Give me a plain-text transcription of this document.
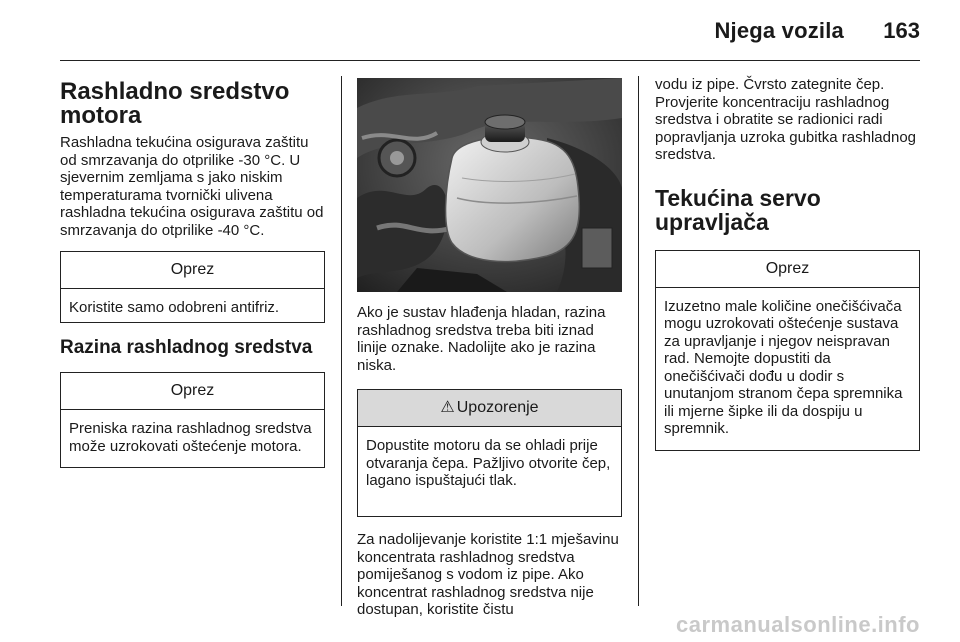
Njega vozila 163
Rashladno sredstvo motora

Rashladna tekućina osigurava zaštitu od smrzavanja do otprilike -30 °C. U sjevernim zemljama s jako niskim temperaturama tvornički ulivena rashladna tekućina osigurava zaštitu od smrzavanja do otprilike -40 °C.

Oprez
Koristite samo odobreni antifriz.
Razina rashladnog sredstva
Oprez
Preniska razina rashladnog sredstva može uzrokovati oštećenje motora.

Ako je sustav hlađenja hladan, razina rashladnog sredstva treba biti iznad linije oznake. Nadolijte ako je razina niska.

⚠ Upozorenje
Dopustite motoru da se ohladi prije otvaranja čepa. Pažljivo otvorite čep, lagano ispuštajući tlak.

Za nadolijevanje koristite 1:1 mješavinu koncentrata rashladnog sredstva pomiješanog s vodom iz pipe. Ako koncentrat rashladnog sredstva nije dostupan, koristite čistu

vodu iz pipe. Čvrsto zategnite čep. Provjerite koncentraciju rashladnog sredstva i obratite se radionici radi popravljanja uzroka gubitka rashladnog sredstva.

Tekućina servo upravljača
Oprez
Izuzetno male količine onečišćivača mogu uzrokovati oštećenje sustava za upravljanje i njegov neispravan rad. Nemojte dopustiti da onečišćivači dođu u dodir s unutanjom stranom čepa spremnika ili mjerne šipke ili da dospiju u spremnik.
carmanualsonline.info
